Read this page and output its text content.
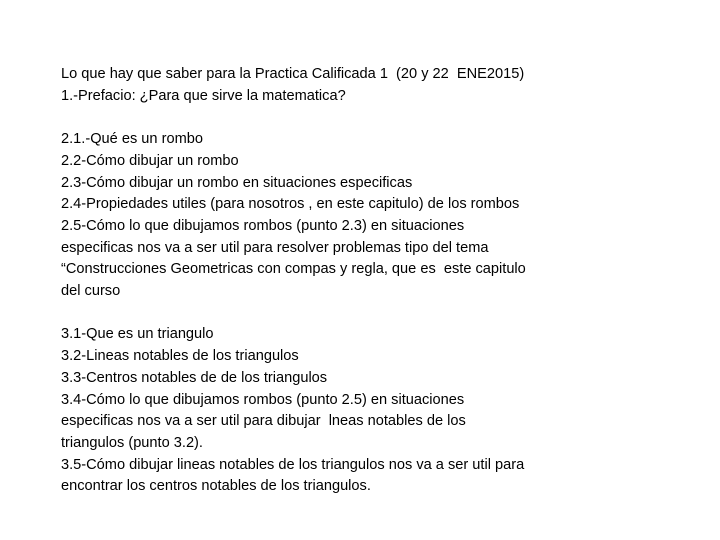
Lo que hay que saber para la Practica Calificada 1  (20 y 22  ENE2015)
1.-Prefacio: ¿Para que sirve la matematica?
2.1.-Qué es un rombo
2.2-Cómo dibujar un rombo
2.3-Cómo dibujar un rombo en situaciones especificas
2.4-Propiedades utiles (para nosotros , en este capitulo) de los rombos
2.5-Cómo lo que dibujamos rombos (punto 2.3) en situaciones
especificas nos va a ser util para resolver problemas tipo del tema
“Construcciones Geometricas con compas y regla, que es  este capitulo
del curso
3.1-Que es un triangulo
3.2-Lineas notables de los triangulos
3.3-Centros notables de de los triangulos
3.4-Cómo lo que dibujamos rombos (punto 2.5) en situaciones
especificas nos va a ser util para dibujar  lneas notables de los
triangulos (punto 3.2).
3.5-Cómo dibujar lineas notables de los triangulos nos va a ser util para
encontrar los centros notables de los triangulos.
